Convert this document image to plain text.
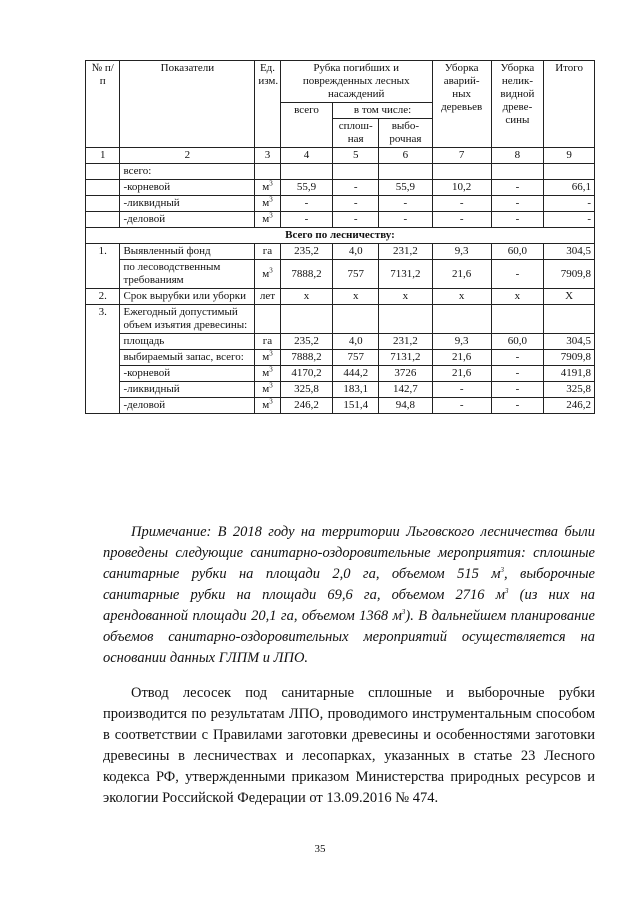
№ п/п	Показатели	Ед. изм.	Рубка погибших и поврежденных лесных насаждений			Уборка аварий-ных деревьев	Уборка нелик-видной древе-сины	Итого
			всего	в том числе:				
				сплош-ная	выбо-рочная			
1	2	3	4	5	6	7	8	9
	всего:							
	-корневой	$м^3$	55,9	-	55,9	10,2	-	66,1
	-ликвидный	$м^3$	-	-	-	-	-	-
	-деловой	$м^3$	-	-	-	-	-	-
Всего по лесничеству:								
1.	Выявленный фонд	га	235,2	4,0	231,2	9,3	60,0	304,5
	по лесоводственным требованиям	$м^3$	7888,2	757	7131,2	21,6	-	7909,8
2.	Срок вырубки или уборки	лет	x	x	x	x	x	X
3.	Ежегодный допустимый объем изъятия древесины:							
	площадь	га	235,2	4,0	231,2	9,3	60,0	304,5
	выбираемый запас, всего:	$м^3$	7888,2	757	7131,2	21,6	-	7909,8
	-корневой	$м^3$	4170,2	444,2	3726	21,6	-	4191,8
	-ликвидный	$м^3$	325,8	183,1	142,7	-	-	325,8
	-деловой	$м^3$	246,2	151,4	94,8	-	-	246,2
Примечание: В 2018 году на территории Льговского лесничества были проведены следующие санитарно-оздоровительные мероприятия: сплошные санитарные рубки на площади 2,0 га, объемом 515 $м^3$, выборочные санитарные рубки на площади 69,6 га, объемом 2716 $м^3$ (из них на арендованной площади 20,1 га, объемом 1368 $м^3$). В дальнейшем планирование объемов санитарно-оздоровительных мероприятий осуществляется на основании данных ГЛПМ и ЛПО.
Отвод лесосек под санитарные сплошные и выборочные рубки производится по результатам ЛПО, проводимого инструментальным способом в соответствии с Правилами заготовки древесины и особенностями заготовки древесины в лесничествах и лесопарках, указанных в статье 23 Лесного кодекса РФ, утвержденными приказом Министерства природных ресурсов и экологии Российской Федерации от 13.09.2016 № 474.
35
